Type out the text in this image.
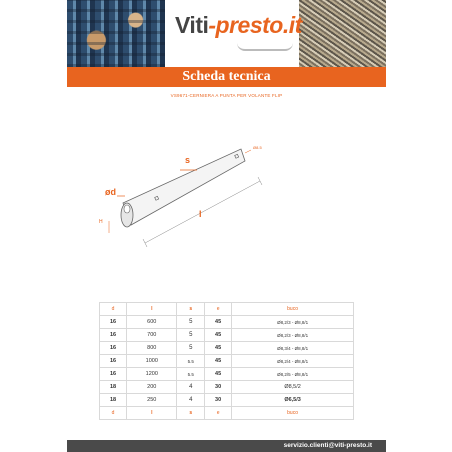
Viti-presto.it
Scheda tecnica
VS9671-CERNIERA A PUNTA PER VOLANTE FLIP
ød
s
l
H
Ø8.5
d	l	s	e	buco
16	600	5	45	Ø8,2/3 - Ø8,8/1
16	700	5	45	Ø8,2/3 - Ø8,8/1
16	800	5	45	Ø8,3/4 - Ø8,8/1
16	1000	5.5	45	Ø8,2/4 - Ø8,8/1
16	1200	5.5	45	Ø8,2/5 - Ø8,8/1
18	200	4	30	Ø8,5/2
18	250	4	30	Ø6,5/3
d	l	s	e	buco
servizio.clienti@viti-presto.it
